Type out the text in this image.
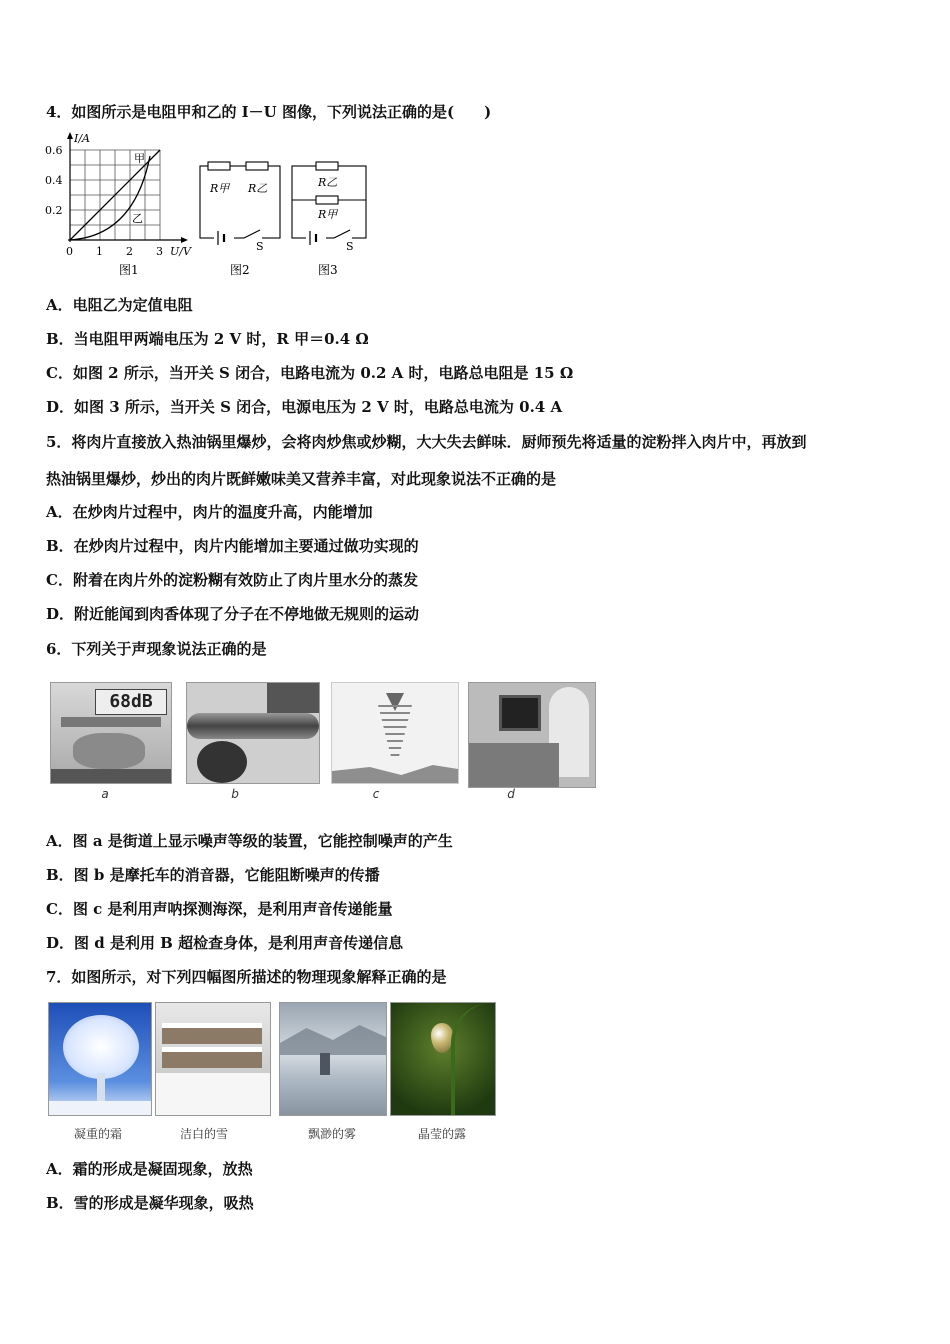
4．如图所示是电阻甲和乙的 I－U 图像，下列说法正确的是(　　)
I/A
0.6
0.4
0.2
0 1 2 3 U/V
甲
乙
图1
R甲 R乙
S
图2
R乙
R甲
S
图3
A．电阻乙为定值电阻
B．当电阻甲两端电压为 2 V 时，R 甲＝0.4 Ω
C．如图 2 所示，当开关 S 闭合，电路电流为 0.2 A 时，电路总电阻是 15 Ω
D．如图 3 所示，当开关 S 闭合，电源电压为 2 V 时，电路总电流为 0.4 A
5．将肉片直接放入热油锅里爆炒，会将肉炒焦或炒糊，大大失去鲜味．厨师预先将适量的淀粉拌入肉片中，再放到
热油锅里爆炒，炒出的肉片既鲜嫩味美又营养丰富，对此现象说法不正确的是
A．在炒肉片过程中，肉片的温度升高，内能增加
B．在炒肉片过程中，肉片内能增加主要通过做功实现的
C．附着在肉片外的淀粉糊有效防止了肉片里水分的蒸发
D．附近能闻到肉香体现了分子在不停地做无规则的运动
6．下列关于声现象说法正确的是
68dB
a	b	c	d
A．图 a 是街道上显示噪声等级的装置，它能控制噪声的产生
B．图 b 是摩托车的消音器，它能阻断噪声的传播
C．图 c 是利用声呐探测海深，是利用声音传递能量
D．图 d 是利用 B 超检查身体，是利用声音传递信息
7．如图所示，对下列四幅图所描述的物理现象解释正确的是
凝重的霜	洁白的雪	飘渺的雾	晶莹的露
A．霜的形成是凝固现象，放热
B．雪的形成是凝华现象，吸热
